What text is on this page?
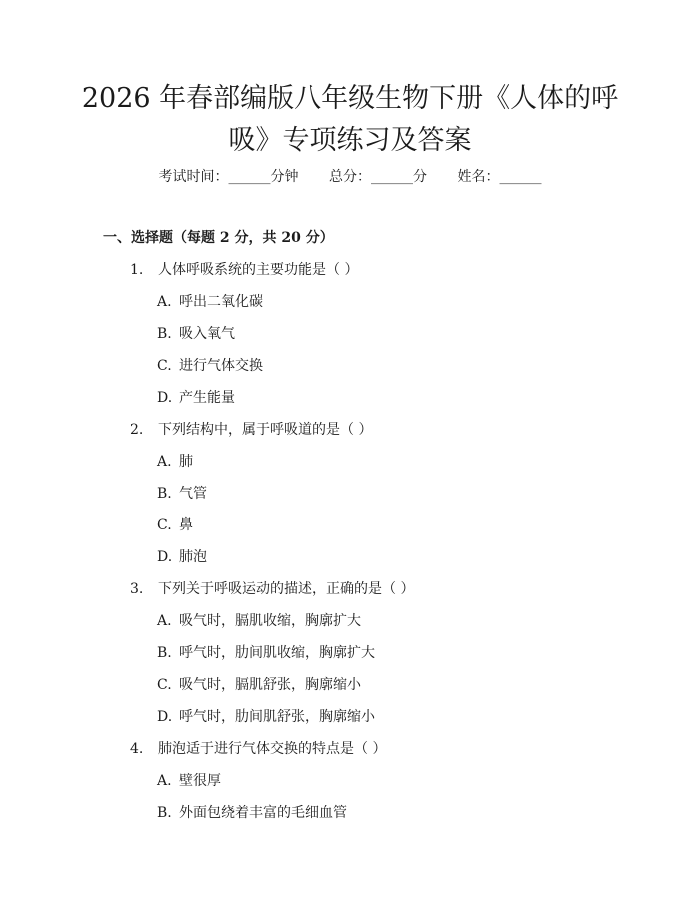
2026 年春部编版八年级生物下册《人体的呼
吸》专项练习及答案
考试时间：______分钟 总分：______分 姓名：______
一、选择题（每题 2 分，共 20 分）
1. 人体呼吸系统的主要功能是（ ）
A. 呼出二氧化碳
B. 吸入氧气
C. 进行气体交换
D. 产生能量
2. 下列结构中，属于呼吸道的是（ ）
A. 肺
B. 气管
C. 鼻
D. 肺泡
3. 下列关于呼吸运动的描述，正确的是（ ）
A. 吸气时，膈肌收缩，胸廓扩大
B. 呼气时，肋间肌收缩，胸廓扩大
C. 吸气时，膈肌舒张，胸廓缩小
D. 呼气时，肋间肌舒张，胸廓缩小
4. 肺泡适于进行气体交换的特点是（ ）
A. 壁很厚
B. 外面包绕着丰富的毛细血管
